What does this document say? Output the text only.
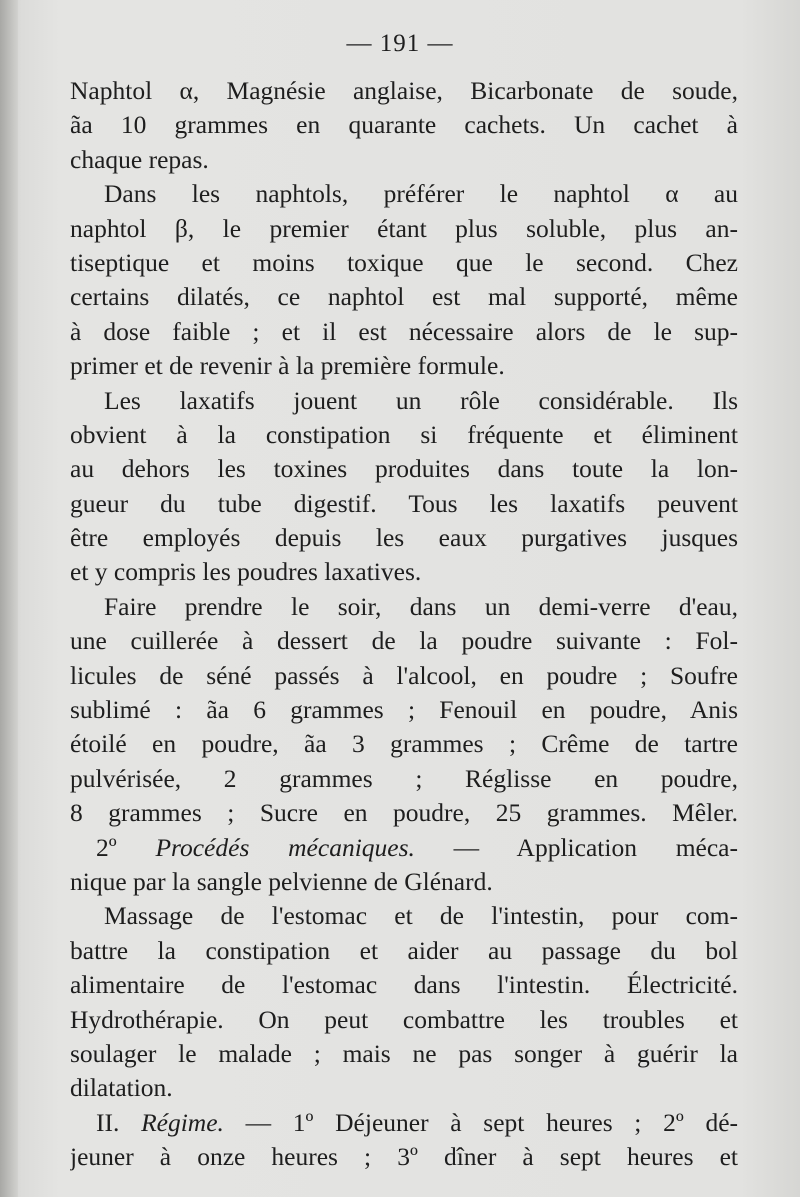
— 191 —
Naphtol α, Magnésie anglaise, Bicarbonate de soude,
ãa 10 grammes en quarante cachets. Un cachet à
chaque repas.
Dans les naphtols, préférer le naphtol α au
naphtol β, le premier étant plus soluble, plus an-
tiseptique et moins toxique que le second. Chez
certains dilatés, ce naphtol est mal supporté, même
à dose faible ; et il est nécessaire alors de le sup-
primer et de revenir à la première formule.
Les laxatifs jouent un rôle considérable. Ils
obvient à la constipation si fréquente et éliminent
au dehors les toxines produites dans toute la lon-
gueur du tube digestif. Tous les laxatifs peuvent
être employés depuis les eaux purgatives jusques
et y compris les poudres laxatives.
Faire prendre le soir, dans un demi-verre d'eau,
une cuillerée à dessert de la poudre suivante : Fol-
licules de séné passés à l'alcool, en poudre ; Soufre
sublimé : ãa 6 grammes ; Fenouil en poudre, Anis
étoilé en poudre, ãa 3 grammes ; Crême de tartre
pulvérisée, 2 grammes ; Réglisse en poudre,
8 grammes ; Sucre en poudre, 25 grammes. Mêler.
2º Procédés mécaniques. — Application méca-
nique par la sangle pelvienne de Glénard.
Massage de l'estomac et de l'intestin, pour com-
battre la constipation et aider au passage du bol
alimentaire de l'estomac dans l'intestin. Électricité.
Hydrothérapie. On peut combattre les troubles et
soulager le malade ; mais ne pas songer à guérir la
dilatation.
II. Régime. — 1º Déjeuner à sept heures ; 2º dé-
jeuner à onze heures ; 3º dîner à sept heures et
